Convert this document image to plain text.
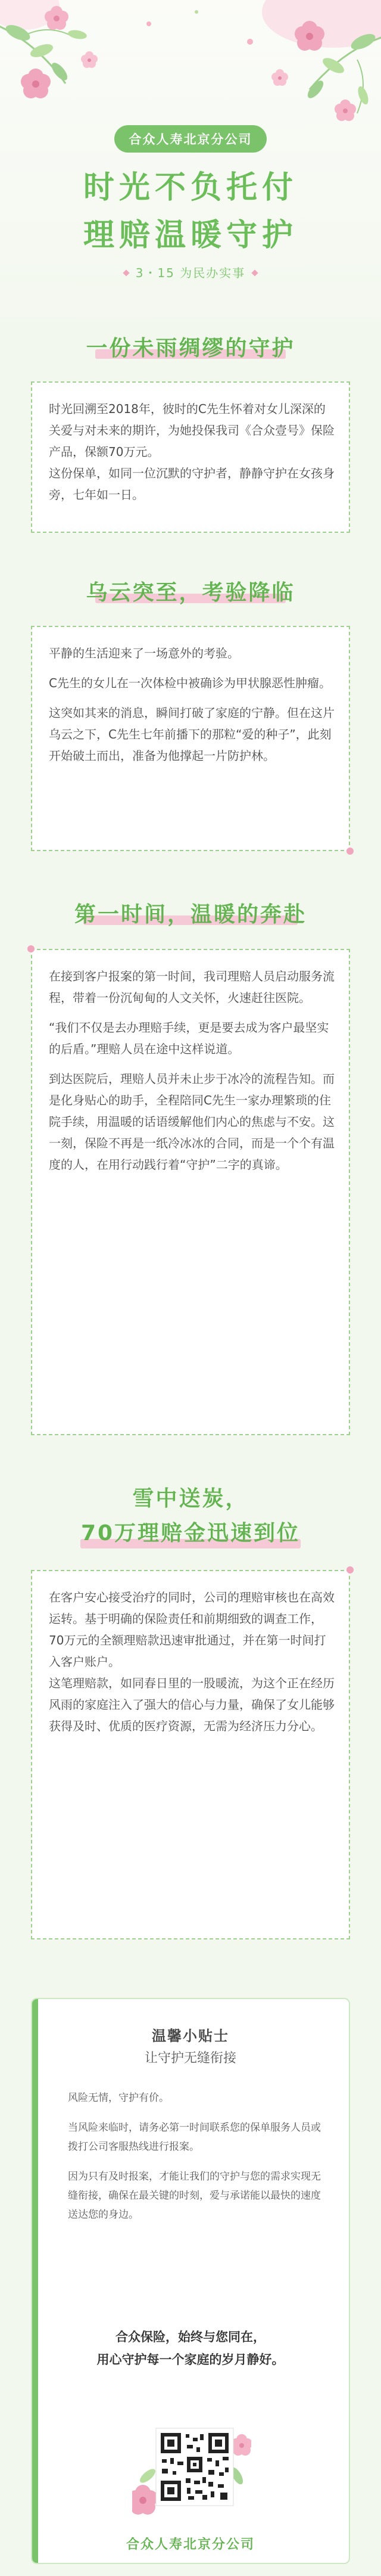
合众人寿北京分公司
时光不负托付
理赔温暖守护
3・15 为民办实事
一份未雨绸缪的守护

时光回溯至2018年，彼时的C先生怀着对女儿深深的关爱与对未来的期许，为她投保我司《合众壹号》保险产品，保额70万元。

这份保单，如同一位沉默的守护者，静静守护在女孩身旁，七年如一日。

乌云突至，考验降临

平静的生活迎来了一场意外的考验。

C先生的女儿在一次体检中被确诊为甲状腺恶性肿瘤。

这突如其来的消息，瞬间打破了家庭的宁静。但在这片乌云之下，C先生七年前播下的那粒“爱的种子”，此刻开始破土而出，准备为他撑起一片防护林。

第一时间，温暖的奔赴

在接到客户报案的第一时间，我司理赔人员启动服务流程，带着一份沉甸甸的人文关怀，火速赶往医院。

“我们不仅是去办理赔手续，更是要去成为客户最坚实的后盾。”理赔人员在途中这样说道。

到达医院后，理赔人员并未止步于冰冷的流程告知。而是化身贴心的助手，全程陪同C先生一家办理繁琐的住院手续，用温暖的话语缓解他们内心的焦虑与不安。这一刻，保险不再是一纸冷冰冰的合同，而是一个个有温度的人，在用行动践行着“守护”二字的真谛。

雪中送炭，
70万理赔金迅速到位

在客户安心接受治疗的同时，公司的理赔审核也在高效运转。基于明确的保险责任和前期细致的调查工作，70万元的全额理赔款迅速审批通过，并在第一时间打入客户账户。

这笔理赔款，如同春日里的一股暖流，为这个正在经历风雨的家庭注入了强大的信心与力量，确保了女儿能够获得及时、优质的医疗资源，无需为经济压力分心。

温馨小贴士
让守护无缝衔接

风险无情，守护有价。

当风险来临时，请务必第一时间联系您的保单服务人员或拨打公司客服热线进行报案。

因为只有及时报案，才能让我们的守护与您的需求实现无缝衔接，确保在最关键的时刻，爱与承诺能以最快的速度送达您的身边。

合众保险，始终与您同在，
用心守护每一个家庭的岁月静好。
合众人寿北京分公司
